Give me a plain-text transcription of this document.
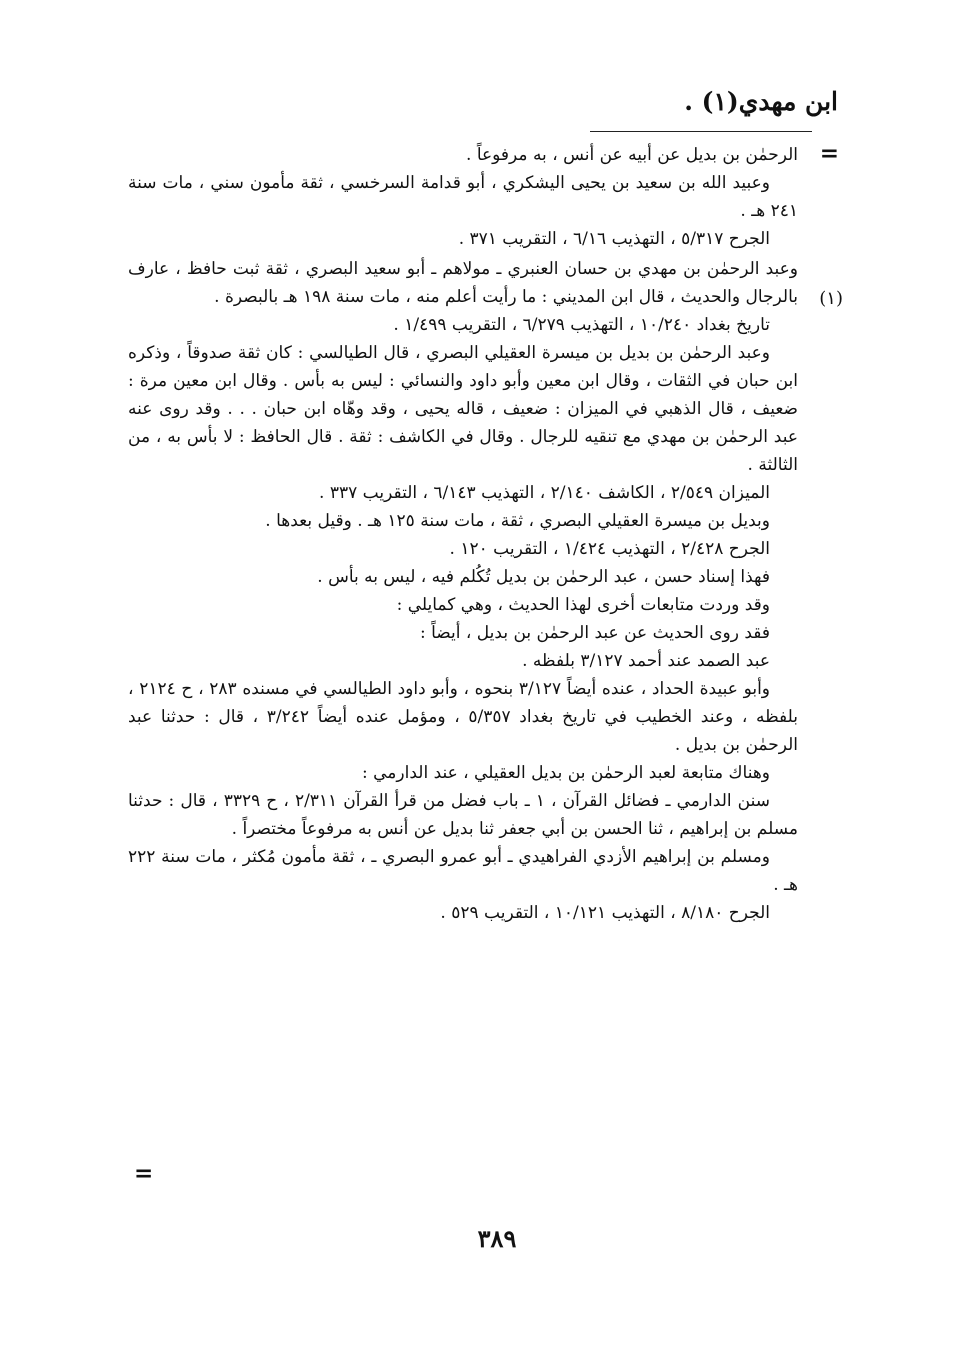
ابن مهدي(١) .
=
(١)

الرحمٰن بن بديل عن أبيه عن أنس ، به مرفوعاً .

وعبيد الله بن سعيد بن يحيى اليشكري ، أبو قدامة السرخسي ، ثقة مأمون سني ، مات سنة ٢٤١ هـ .

الجرح ٥/٣١٧ ، التهذيب ٦/١٦ ، التقريب ٣٧١ .

وعبد الرحمٰن بن مهدي بن حسان العنبري ـ مولاهم ـ أبو سعيد البصري ، ثقة ثبت حافظ ، عارف بالرجال والحديث ، قال ابن المديني : ما رأيت أعلم منه ، مات سنة ١٩٨ هـ بالبصرة .

تاريخ بغداد ١٠/٢٤٠ ، التهذيب ٦/٢٧٩ ، التقريب ١/٤٩٩ .

وعبد الرحمٰن بن بديل بن ميسرة العقيلي البصري ، قال الطيالسي : كان ثقة صدوقاً ، وذكره ابن حبان في الثقات ، وقال ابن معين وأبو داود والنسائي : ليس به بأس . وقال ابن معين مرة : ضعيف ، قال الذهبي في الميزان : ضعيف ، قاله يحيى ، وقد وهّاه ابن حبان . . . وقد روى عنه عبد الرحمٰن بن مهدي مع تنقيه للرجال . وقال في الكاشف : ثقة . قال الحافظ : لا بأس به ، من الثالثة .

الميزان ٢/٥٤٩ ، الكاشف ٢/١٤٠ ، التهذيب ٦/١٤٣ ، التقريب ٣٣٧ .

وبديل بن ميسرة العقيلي البصري ، ثقة ، مات سنة ١٢٥ هـ . وقيل بعدها .

الجرح ٢/٤٢٨ ، التهذيب ١/٤٢٤ ، التقريب ١٢٠ .

فهذا إسناد حسن ، عبد الرحمٰن بن بديل تُكُلم فيه ، ليس به بأس .

وقد وردت متابعات أخرى لهذا الحديث ، وهي كمايلي :

فقد روى الحديث عن عبد الرحمٰن بن بديل ، أيضاً :

عبد الصمد عند أحمد ٣/١٢٧ بلفظه .

وأبو عبيدة الحداد ، عنده أيضاً ٣/١٢٧ بنحوه ، وأبو داود الطيالسي في مسنده ٢٨٣ ، ح ٢١٢٤ ، بلفظه ، وعند الخطيب في تاريخ بغداد ٥/٣٥٧ ، ومؤمل عنده أيضاً ٣/٢٤٢ ، قال : حدثنا عبد الرحمٰن بن بديل .

وهناك متابعة لعبد الرحمٰن بن بديل العقيلي ، عند الدارمي :

سنن الدارمي ـ فضائل القرآن ، ١ ـ باب فضل من قرأ القرآن ٢/٣١١ ، ح ٣٣٢٩ ، قال : حدثنا مسلم بن إبراهيم ، ثنا الحسن بن أبي جعفر ثنا بديل عن أنس به مرفوعاً مختصراً .

ومسلم بن إبراهيم الأزدي الفراهيدي ـ أبو عمرو البصري ـ ، ثقة مأمون مُكثر ، مات سنة ٢٢٢ هـ .

الجرح ٨/١٨٠ ، التهذيب ١٠/١٢١ ، التقريب ٥٢٩ .

=
٣٨٩
